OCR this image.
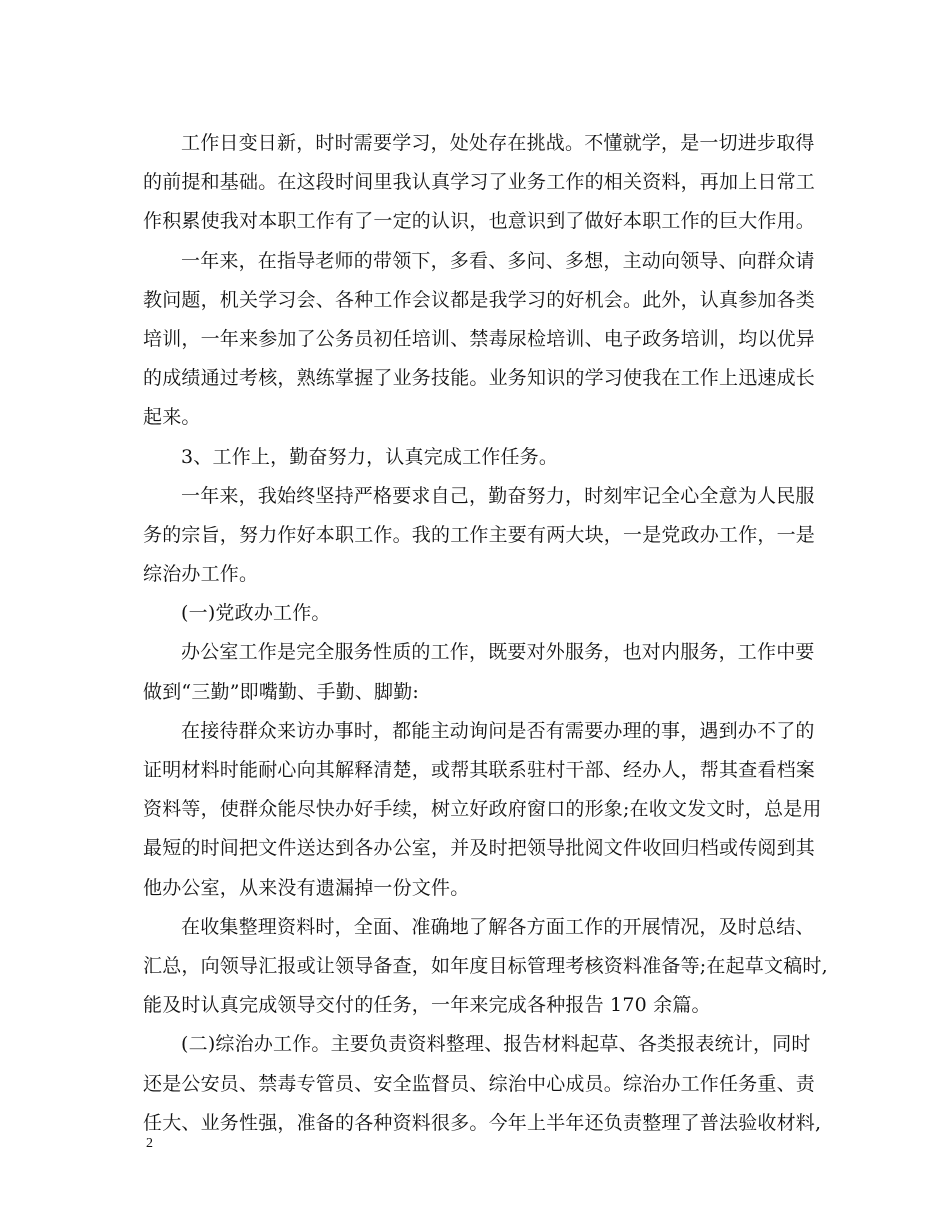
工作日变日新，时时需要学习，处处存在挑战。不懂就学，是一切进步取得
的前提和基础。在这段时间里我认真学习了业务工作的相关资料，再加上日常工
作积累使我对本职工作有了一定的认识，也意识到了做好本职工作的巨大作用。
一年来，在指导老师的带领下，多看、多问、多想，主动向领导、向群众请
教问题，机关学习会、各种工作会议都是我学习的好机会。此外，认真参加各类
培训，一年来参加了公务员初任培训、禁毒尿检培训、电子政务培训，均以优异
的成绩通过考核，熟练掌握了业务技能。业务知识的学习使我在工作上迅速成长
起来。
3、工作上，勤奋努力，认真完成工作任务。
一年来，我始终坚持严格要求自己，勤奋努力，时刻牢记全心全意为人民服
务的宗旨，努力作好本职工作。我的工作主要有两大块，一是党政办工作，一是
综治办工作。
(一)党政办工作。
办公室工作是完全服务性质的工作，既要对外服务，也对内服务，工作中要
做到“三勤”即嘴勤、手勤、脚勤:
在接待群众来访办事时，都能主动询问是否有需要办理的事，遇到办不了的
证明材料时能耐心向其解释清楚，或帮其联系驻村干部、经办人，帮其查看档案
资料等，使群众能尽快办好手续，树立好政府窗口的形象;在收文发文时，总是用
最短的时间把文件送达到各办公室，并及时把领导批阅文件收回归档或传阅到其
他办公室，从来没有遗漏掉一份文件。
在收集整理资料时，全面、准确地了解各方面工作的开展情况，及时总结、
汇总，向领导汇报或让领导备查，如年度目标管理考核资料准备等;在起草文稿时,
能及时认真完成领导交付的任务，一年来完成各种报告 170 余篇。
(二)综治办工作。主要负责资料整理、报告材料起草、各类报表统计，同时
还是公安员、禁毒专管员、安全监督员、综治中心成员。综治办工作任务重、责
任大、业务性强，准备的各种资料很多。今年上半年还负责整理了普法验收材料,
2
